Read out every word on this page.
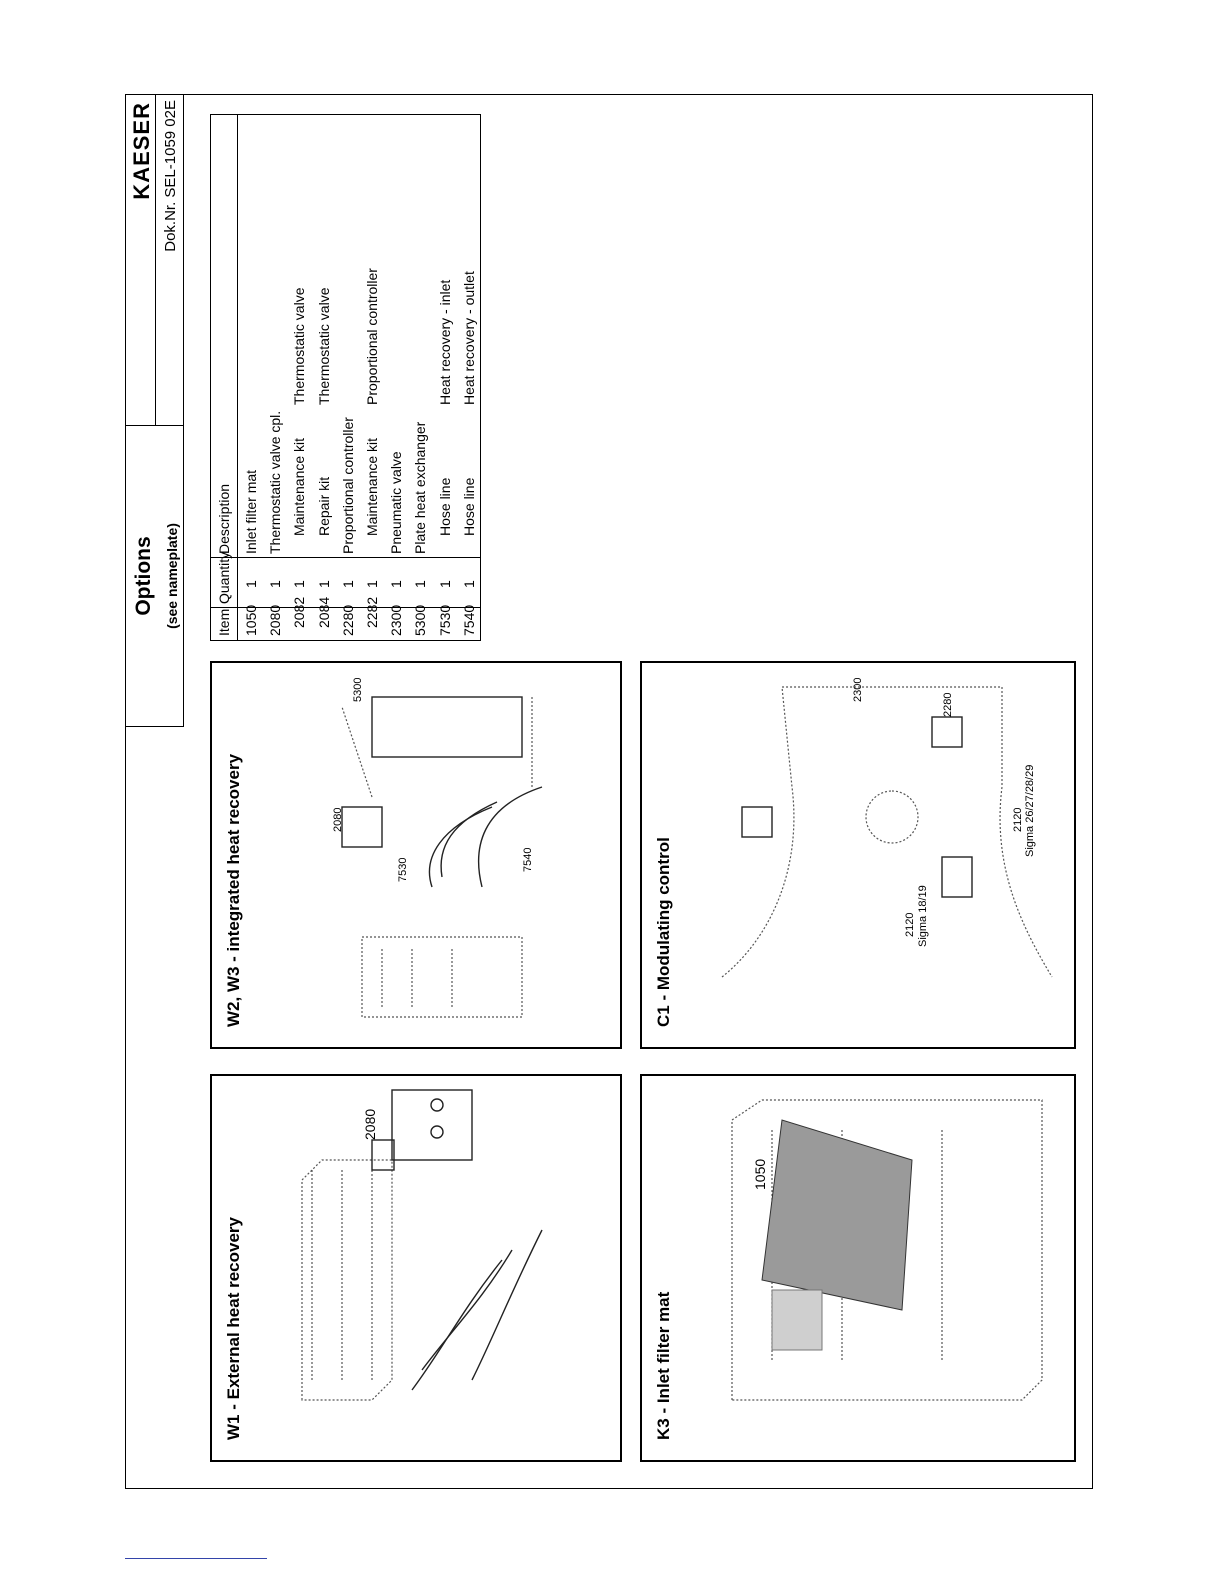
Options (see nameplate)
KAESER Dok.Nr. SEL-1059 02E
Item
Quantity
Description
1050
1
Inlet filter mat
2080
1
Thermostatic valve cpl.
2082
1
Maintenance kit
Thermostatic valve
2084
1
Repair kit
Thermostatic valve
2280
1
Proportional controller
2282
1
Maintenance kit
Proportional controller
2300
1
Pneumatic valve
5300
1
Plate heat exchanger
7530
1
Hose line
Heat recovery - inlet
7540
1
Hose line
Heat recovery - outlet
W1 - External heat recovery
2080
W2, W3 - integrated heat recovery	2080
5300
7530	7540
K3 - Inlet filter mat
1050
C1 - Modulating control
2300
2280
2120 Sigma 18/19
2120 Sigma 26/27/28/29
